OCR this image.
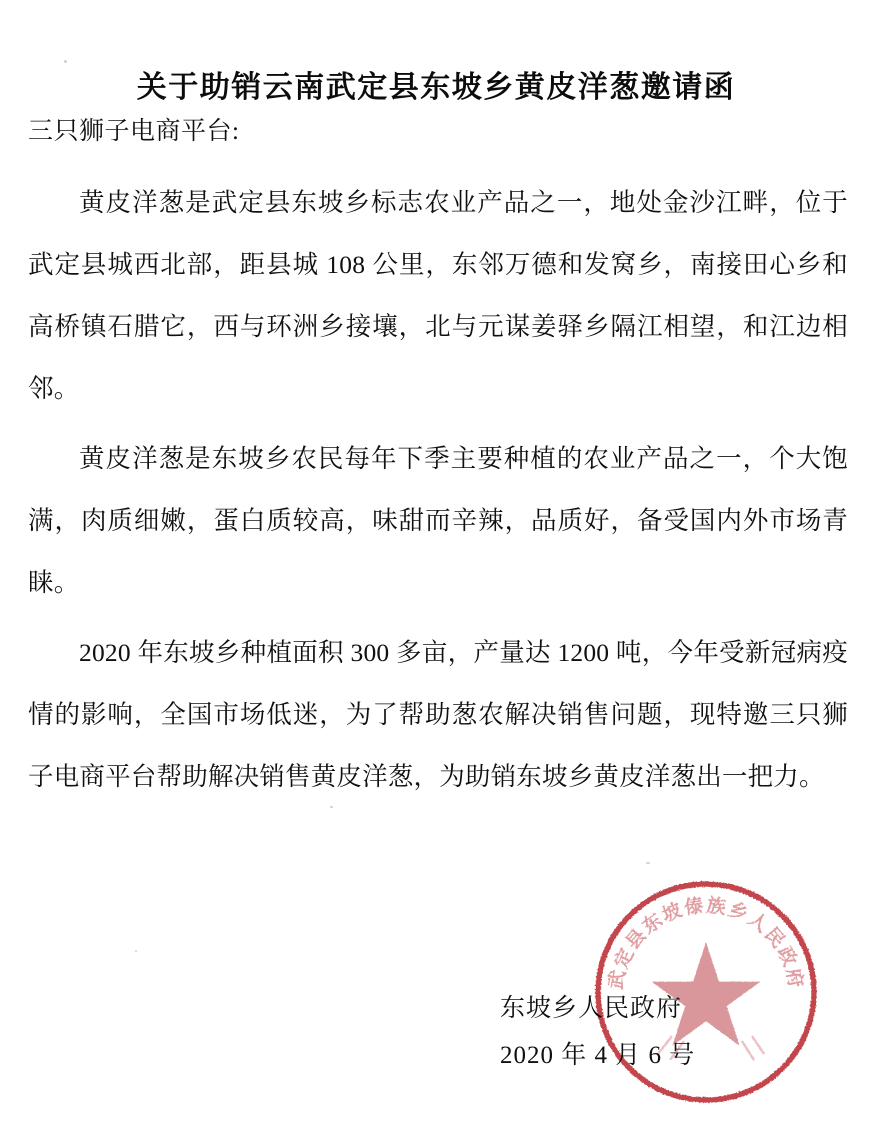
关于助销云南武定县东坡乡黄皮洋葱邀请函
三只狮子电商平台:

黄皮洋葱是武定县东坡乡标志农业产品之一，地处金沙江畔，位于武定县城西北部，距县城 108 公里，东邻万德和发窝乡，南接田心乡和高桥镇石腊它，西与环洲乡接壤，北与元谋姜驿乡隔江相望，和江边相邻。

黄皮洋葱是东坡乡农民每年下季主要种植的农业产品之一，个大饱满，肉质细嫩，蛋白质较高，味甜而辛辣，品质好，备受国内外市场青睐。

2020 年东坡乡种植面积 300 多亩，产量达 1200 吨，今年受新冠病疫情的影响，全国市场低迷，为了帮助葱农解决销售问题，现特邀三只狮子电商平台帮助解决销售黄皮洋葱，为助销东坡乡黄皮洋葱出一把力。

武定县东坡傣族乡人民政府
东坡乡人民政府
2020 年 4 月 6 号
